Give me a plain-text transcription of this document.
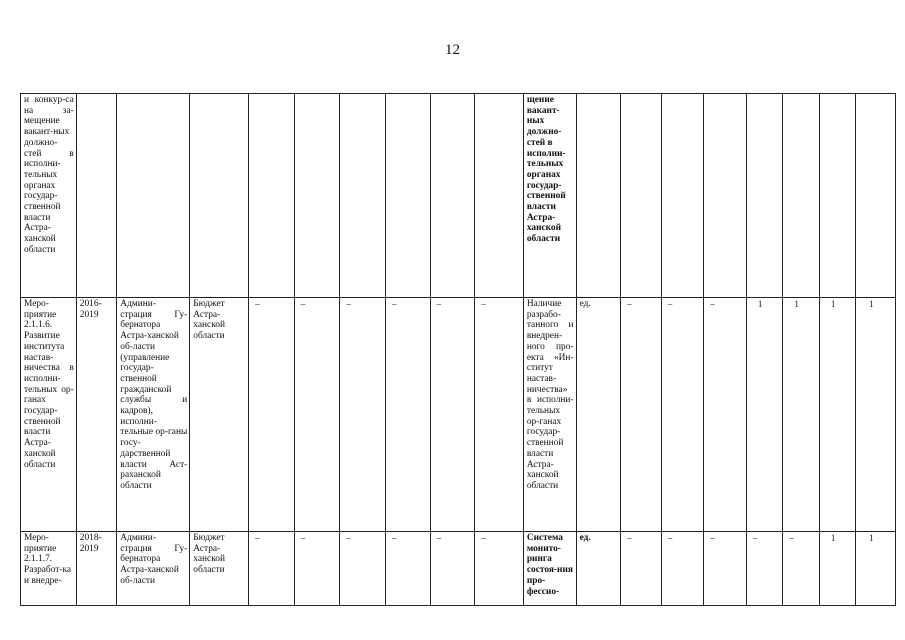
12
и конкур-са на за-мещение вакант-ных должно-стей в исполни-тельных органах государ-ственной власти Астра-ханской области										щение вакант-ных должно-стей в исполни-тельных органах государ-ственной власти Астра-ханской области								
Меро-приятие 2.1.1.6. Развитие института настав-ничества в исполни-тельных ор-ганах государ-ственной власти Астра-ханской области	2016-2019	Админи-страция Гу-бернатора Астра-ханской об-ласти (управление государ-ственной гражданской службы и кадров), исполни-тельные ор-ганы госу-дарственной власти Аст-раханской области	Бюджет Астра-ханской области	–	–	–	–	–	–	Наличие разрабо-танного и внедрен-ного про-екта «Ин-ститут настав-ничества» в исполни-тельных ор-ганах государ-ственной власти Астра-ханской области	ед.	–	–	–	1	1	1	1

Меро-приятие 2.1.1.7. Разработ-ка и внедре-	2018-2019	Админи-страция Гу-бернатора Астра-ханской об-ласти	Бюджет Астра-ханской области	–	–	–	–	–	–	Система монито-ринга состоя-ния про-фессио-	ед.	–	–	–	–	–	1	1
